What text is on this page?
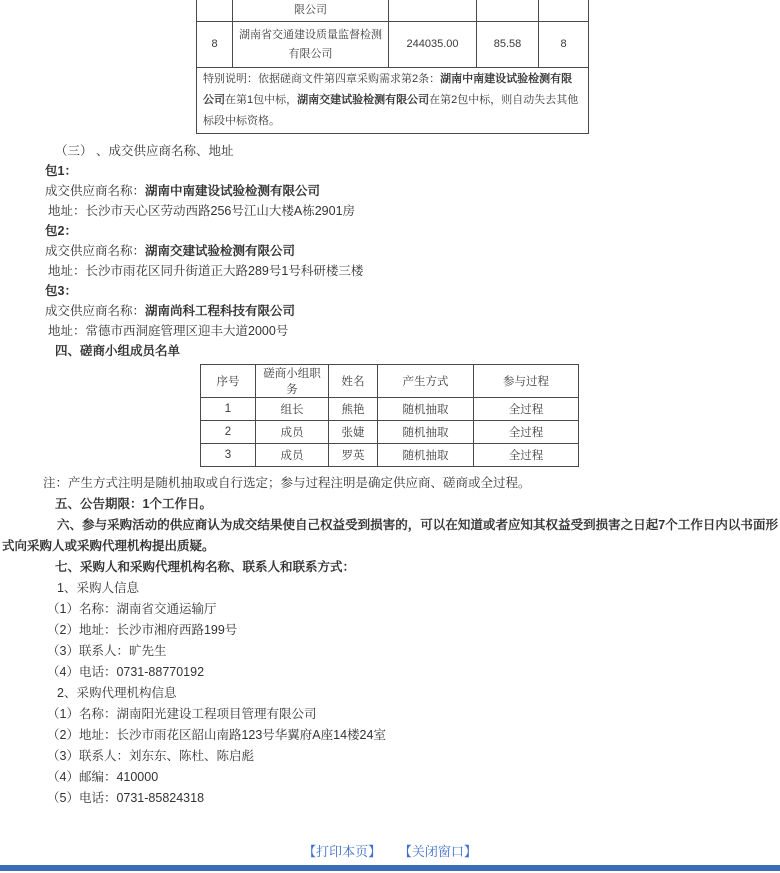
	限公司			
8	湖南省交通建设质量监督检测有限公司	244035.00	85.58	8
特别说明：依据磋商文件第四章采购需求第2条：湖南中南建设试验检测有限公司在第1包中标，湖南交建试验检测有限公司在第2包中标，则自动失去其他标段中标资格。				
（三） 、成交供应商名称、地址
包1：
成交供应商名称：湖南中南建设试验检测有限公司
地址：长沙市天心区劳动西路256号江山大楼A栋2901房
包2：
成交供应商名称：湖南交建试验检测有限公司
地址：长沙市雨花区同升街道正大路289号1号科研楼三楼
包3：
成交供应商名称：湖南尚科工程科技有限公司
地址：常德市西洞庭管理区迎丰大道2000号
四、磋商小组成员名单
序号	磋商小组职务	姓名	产生方式	参与过程
1	组长	熊艳	随机抽取	全过程
2	成员	张婕	随机抽取	全过程
3	成员	罗英	随机抽取	全过程
注：产生方式注明是随机抽取或自行选定；参与过程注明是确定供应商、磋商或全过程。
五、公告期限：1个工作日。
六、参与采购活动的供应商认为成交结果使自己权益受到损害的，可以在知道或者应知其权益受到损害之日起7个工作日内以书面形式向采购人或采购代理机构提出质疑。
七、采购人和采购代理机构名称、联系人和联系方式：
1、采购人信息
（1）名称：湖南省交通运输厅
（2）地址：长沙市湘府西路199号
（3）联系人：旷先生
（4）电话：0731-88770192
2、采购代理机构信息
（1）名称：湖南阳光建设工程项目管理有限公司
（2）地址：长沙市雨花区韶山南路123号华翼府A座14楼24室
（3）联系人：刘东东、陈杜、陈启彪
（4）邮编：410000
（5）电话：0731-85824318
【打印本页】 【关闭窗口】
